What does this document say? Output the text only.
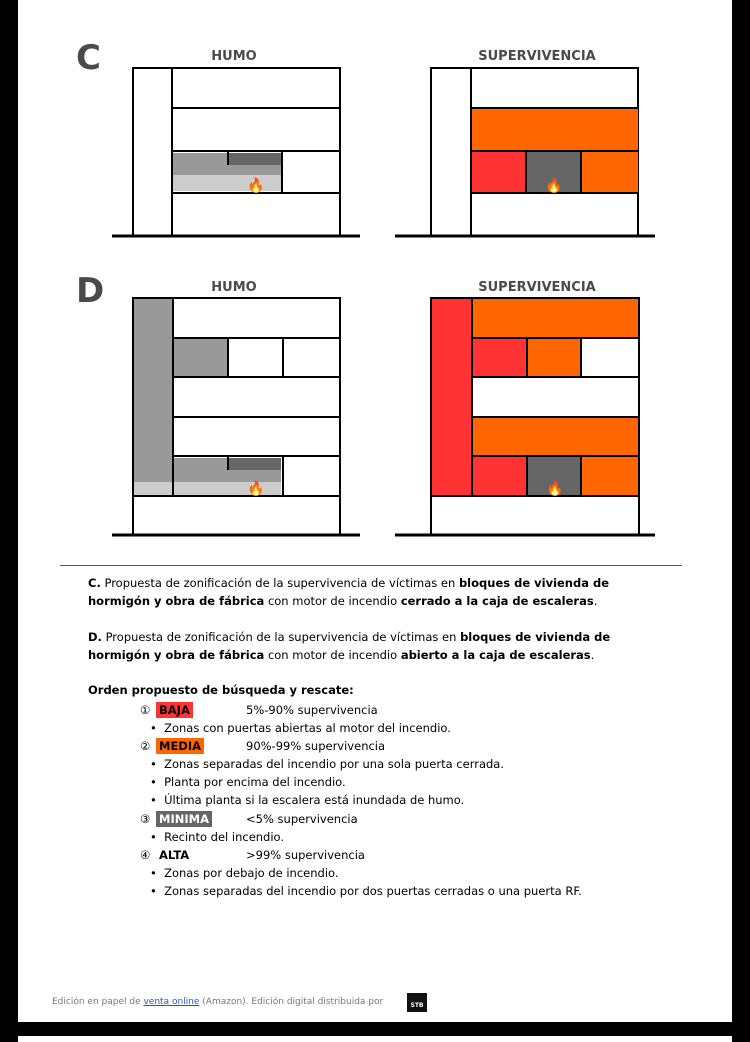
C	HUMO	SUPERVIVENCIA
🔥	🔥
D	HUMO	SUPERVIVENCIA
🔥	🔥
C. Propuesta de zonificación de la supervivencia de víctimas en bloques de vivienda de hormigón y obra de fábrica con motor de incendio cerrado a la caja de escaleras.
D. Propuesta de zonificación de la supervivencia de víctimas en bloques de vivienda de hormigón y obra de fábrica con motor de incendio abierto a la caja de escaleras.
Orden propuesto de búsqueda y rescate:
① BAJA	5%-90% supervivencia
•  Zonas con puertas abiertas al motor del incendio.
② MEDIA	90%-99% supervivencia
•  Zonas separadas del incendio por una sola puerta cerrada.
•  Planta por encima del incendio.
•  Última planta si la escalera está inundada de humo.
③ MINIMA	<5% supervivencia
•  Recinto del incendio.
④ ALTA	>99% supervivencia
•  Zonas por debajo de incendio.
•  Zonas separadas del incendio por dos puertas cerradas o una puerta RF.
Edición en papel de venta online (Amazon). Edición digital distribuida por	STB
